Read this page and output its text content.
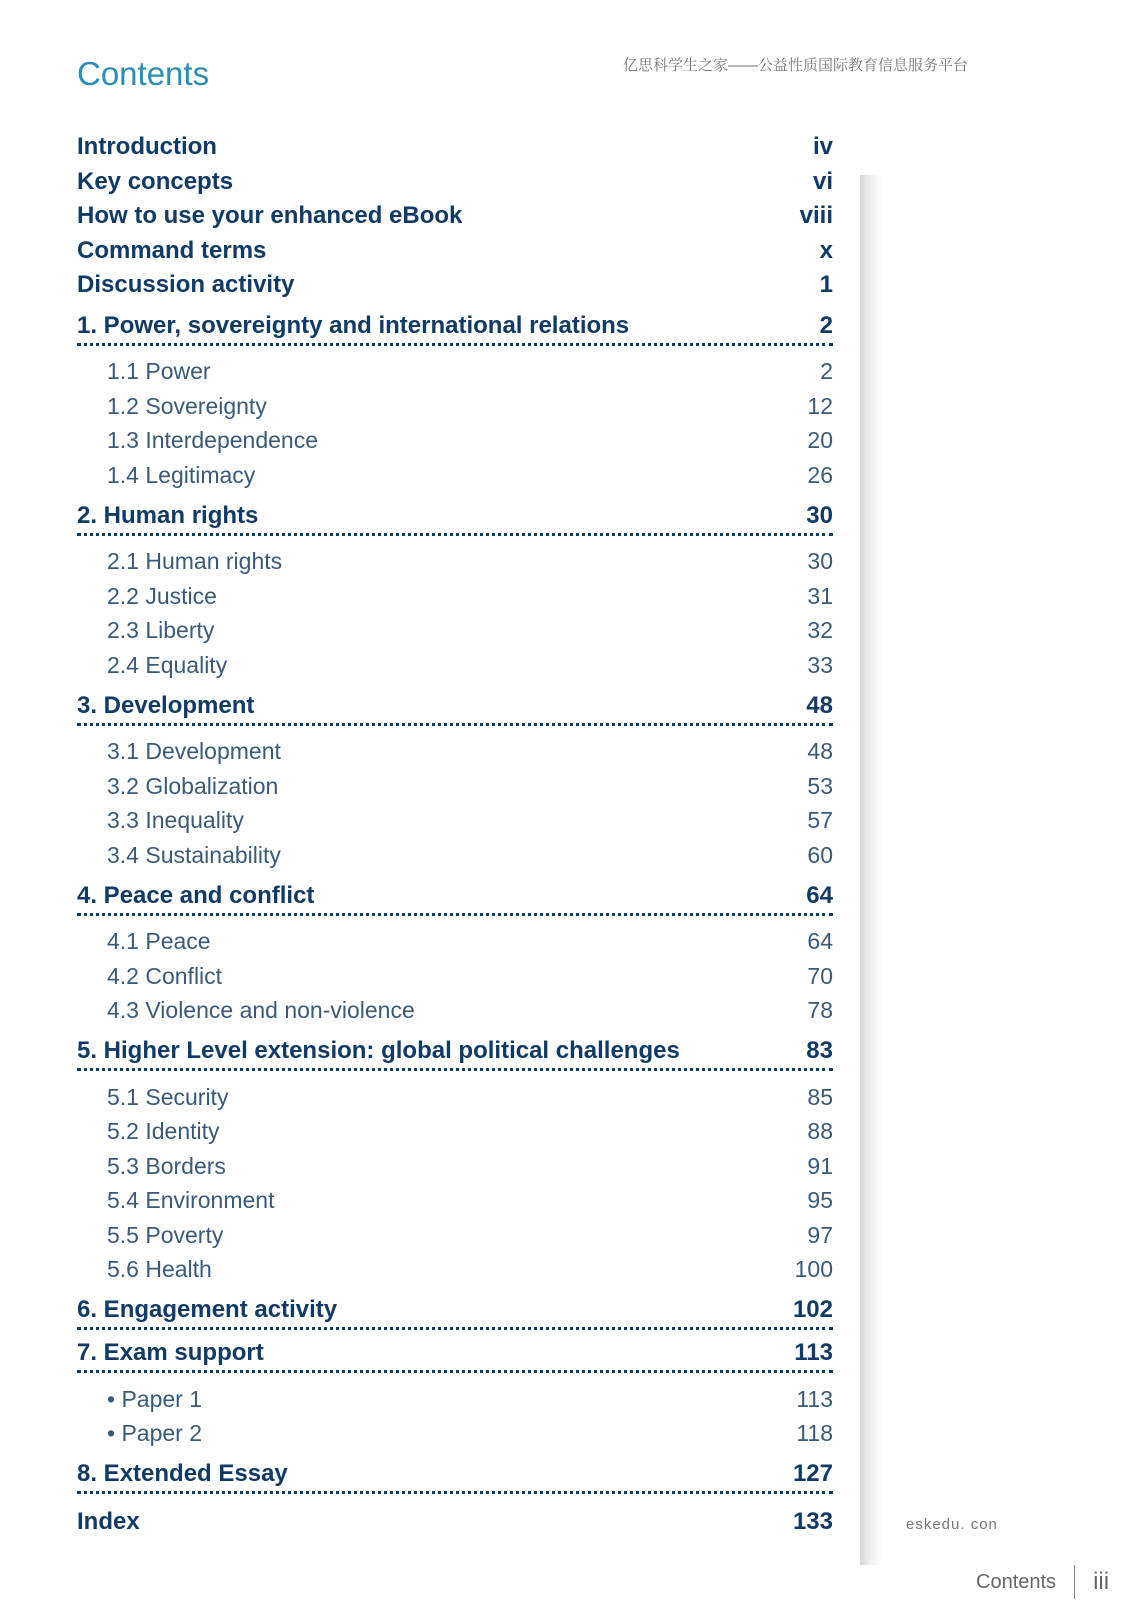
Contents	亿思科学生之家——公益性质国际教育信息服务平台
Introduction	iv
Key concepts	vi
How to use your enhanced eBook	viii
Command terms	x
Discussion activity	1
1. Power, sovereignty and international relations	2
1.1 Power	2
1.2 Sovereignty	12
1.3 Interdependence	20
1.4 Legitimacy	26
2. Human rights	30
2.1 Human rights	30
2.2 Justice	31
2.3 Liberty	32
2.4 Equality	33
3. Development	48
3.1 Development	48
3.2 Globalization	53
3.3 Inequality	57
3.4 Sustainability	60
4. Peace and conflict	64
4.1 Peace	64
4.2 Conflict	70
4.3 Violence and non-violence	78
5. Higher Level extension: global political challenges	83
5.1 Security	85
5.2 Identity	88
5.3 Borders	91
5.4 Environment	95
5.5 Poverty	97
5.6 Health	100
6. Engagement activity	102
7. Exam support	113
• Paper 1	113
• Paper 2	118
8. Extended Essay	127
Index	133	eskedu. con
Contents iii
